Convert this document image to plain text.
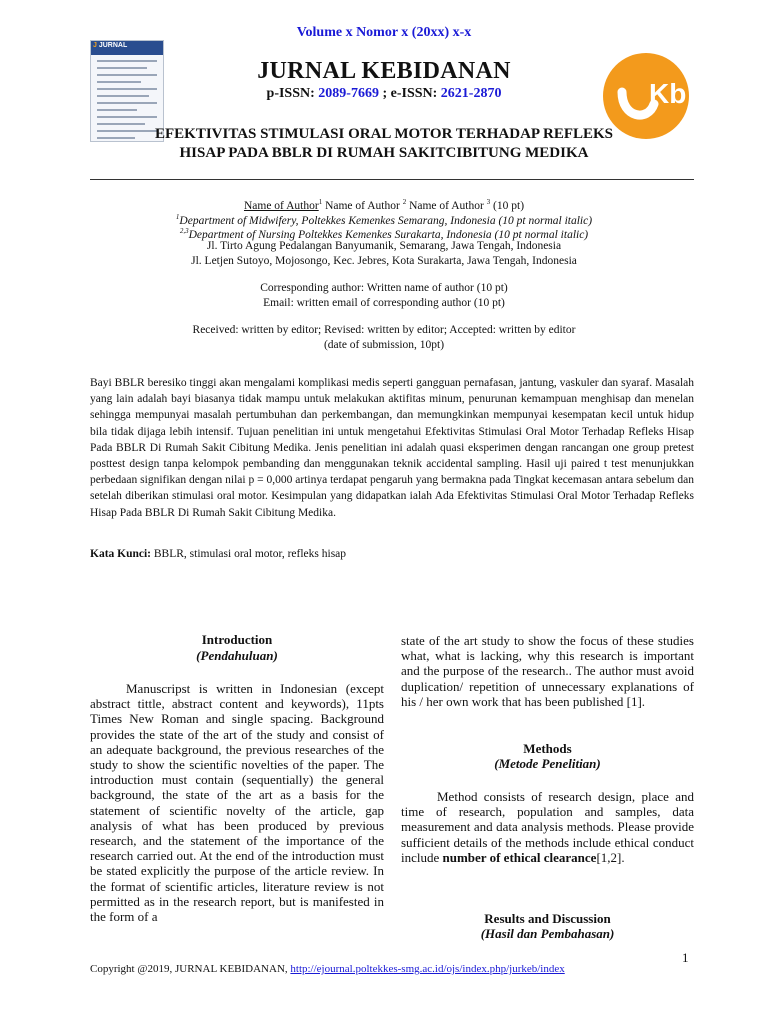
Volume x Nomor x (20xx) x-x
J JURNAL
JURNAL KEBIDANAN
p-ISSN: 2089-7669 ; e-ISSN: 2621-2870	Kb
EFEKTIVITAS STIMULASI ORAL MOTOR TERHADAP REFLEKS
HISAP PADA BBLR DI RUMAH SAKITCIBITUNG MEDIKA
Name of Author$^1$ Name of Author $^2$ Name of Author $^3$ (10 pt)
$^1$Department of Midwifery, Poltekkes Kemenkes Semarang, Indonesia (10 pt normal italic)
$^{2,3}$Department of Nursing Poltekkes Kemenkes Surakarta, Indonesia (10 pt normal italic)
Jl. Tirto Agung Pedalangan Banyumanik, Semarang, Jawa Tengah, Indonesia
Jl. Letjen Sutoyo, Mojosongo, Kec. Jebres, Kota Surakarta, Jawa Tengah, Indonesia
Corresponding author: Written name of author (10 pt)
Email: written email of corresponding author (10 pt)
Received: written by editor; Revised: written by editor; Accepted: written by editor
(date of submission, 10pt)
Bayi BBLR beresiko tinggi akan mengalami komplikasi medis seperti gangguan pernafasan, jantung, vaskuler dan syaraf. Masalah yang lain adalah bayi biasanya tidak mampu untuk melakukan aktifitas minum, penurunan kemampuan menghisap dan menelan sehingga mempunyai masalah pertumbuhan dan perkembangan, dan memungkinkan mempunyai kesempatan kecil untuk hidup bila tidak dijaga lebih intensif. Tujuan penelitian ini untuk mengetahui Efektivitas Stimulasi Oral Motor Terhadap Refleks Hisap Pada BBLR Di Rumah Sakit Cibitung Medika. Jenis penelitian ini adalah quasi eksperimen dengan rancangan one group pretest posttest design tanpa kelompok pembanding dan menggunakan teknik accidental sampling. Hasil uji paired t test menunjukkan perbedaan signifikan dengan nilai p = 0,000 artinya terdapat pengaruh yang bermakna pada Tingkat kecemasan antara sebelum dan setelah diberikan stimulasi oral motor. Kesimpulan yang didapatkan ialah Ada Efektivitas Stimulasi Oral Motor Terhadap Refleks Hisap Pada BBLR Di Rumah Sakit Cibitung Medika.
Kata Kunci: BBLR, stimulasi oral motor, refleks hisap
Introduction
(Pendahuluan)
Manuscripst is written in Indonesian (except abstract tittle, abstract content and keywords), 11pts Times New Roman and single spacing. Background provides the state of the art of the study and consist of an adequate background, the previous researches of the study to show the scientific novelties of the paper. The introduction must contain (sequentially) the general background, the state of the art as a basis for the statement of scientific novelty of the article, gap analysis of what has been produced by previous research, and the statement of the importance of the research carried out. At the end of the introduction must be stated explicitly the purpose of the article review. In the format of scientific articles, literature review is not permitted as in the research report, but is manifested in the form of a
state of the art study to show the focus of these studies what, what is lacking, why this research is important and the purpose of the research.. The author must avoid duplication/ repetition of unnecessary explanations of his / her own work that has been published [1].
Methods
(Metode Penelitian)
Method consists of research design, place and time of research, population and samples, data measurement and data analysis methods. Please provide sufficient details of the methods include ethical conduct include number of ethical clearance[1,2].
Results and Discussion
(Hasil dan Pembahasan)
1
Copyright @2019, JURNAL KEBIDANAN, http://ejournal.poltekkes-smg.ac.id/ojs/index.php/jurkeb/index
